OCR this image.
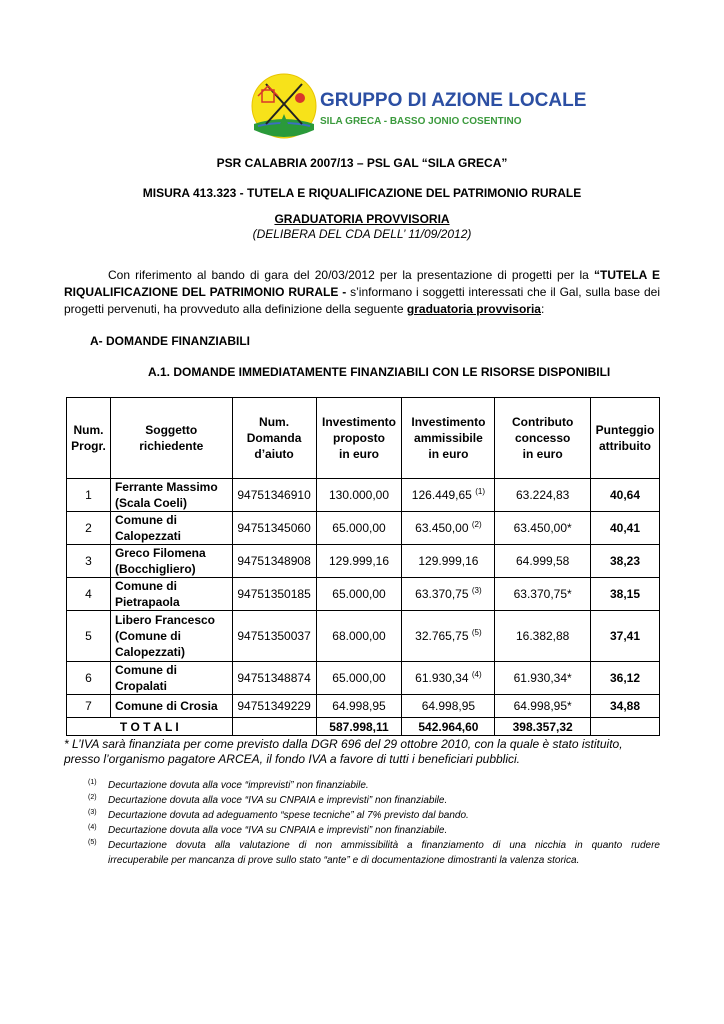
GRUPPO DI AZIONE LOCALE
SILA GRECA - BASSO JONIO COSENTINO
PSR CALABRIA 2007/13 – PSL GAL “SILA GRECA”
MISURA 413.323 - TUTELA E RIQUALIFICAZIONE DEL PATRIMONIO RURALE
GRADUATORIA PROVVISORIA
(DELIBERA DEL CDA DELL’ 11/09/2012)
Con riferimento al bando di gara del 20/03/2012 per la presentazione di progetti per la “TUTELA E
RIQUALIFICAZIONE DEL PATRIMONIO RURALE - s’informano i soggetti interessati che il Gal, sulla base dei
progetti pervenuti, ha provveduto alla definizione della seguente graduatoria provvisoria:
A- DOMANDE FINANZIABILI
A.1. DOMANDE IMMEDIATAMENTE FINANZIABILI CON LE RISORSE DISPONIBILI
Num.
Progr.	Soggetto
richiedente	Num.
Domanda
d’aiuto	Investimento
proposto
in euro	Investimento
ammissibile
in euro	Contributo
concesso
in euro	Punteggio
attribuito
1	Ferrante Massimo
(Scala Coeli)	94751346910	130.000,00	126.449,65 $^{(1)}$	63.224,83	40,64
2	Comune di
Calopezzati	94751345060	65.000,00	63.450,00 $^{(2)}$	63.450,00*	40,41
3	Greco Filomena
(Bocchigliero)	94751348908	129.999,16	129.999,16	64.999,58	38,23
4	Comune di
Pietrapaola	94751350185	65.000,00	63.370,75 $^{(3)}$	63.370,75*	38,15
5	Libero Francesco
(Comune di
Calopezzati)	94751350037	68.000,00	32.765,75 $^{(5)}$	16.382,88	37,41
6	Comune di Cropalati	94751348874	65.000,00	61.930,34 $^{(4)}$	61.930,34*	36,12
7	Comune di Crosia	94751349229	64.998,95	64.998,95	64.998,95*	34,88
T O T A L I			587.998,11	542.964,60	398.357,32	
* L’IVA sarà finanziata per come previsto dalla DGR 696 del 29 ottobre 2010, con la quale è stato istituito,
presso l’organismo pagatore ARCEA, il fondo IVA a favore di tutti i beneficiari pubblici.
(1) Decurtazione dovuta alla voce “imprevisti” non finanziabile.
(2) Decurtazione dovuta alla voce “IVA su CNPAIA e imprevisti” non finanziabile.
(3) Decurtazione dovuta ad adeguamento “spese tecniche” al 7% previsto dal bando.
(4) Decurtazione dovuta alla voce “IVA su CNPAIA e imprevisti” non finanziabile.
(5) Decurtazione dovuta alla valutazione di non ammissibilità a finanziamento di una nicchia in quanto rudere
irrecuperabile per mancanza di prove sullo stato “ante” e di documentazione dimostranti la valenza storica.
